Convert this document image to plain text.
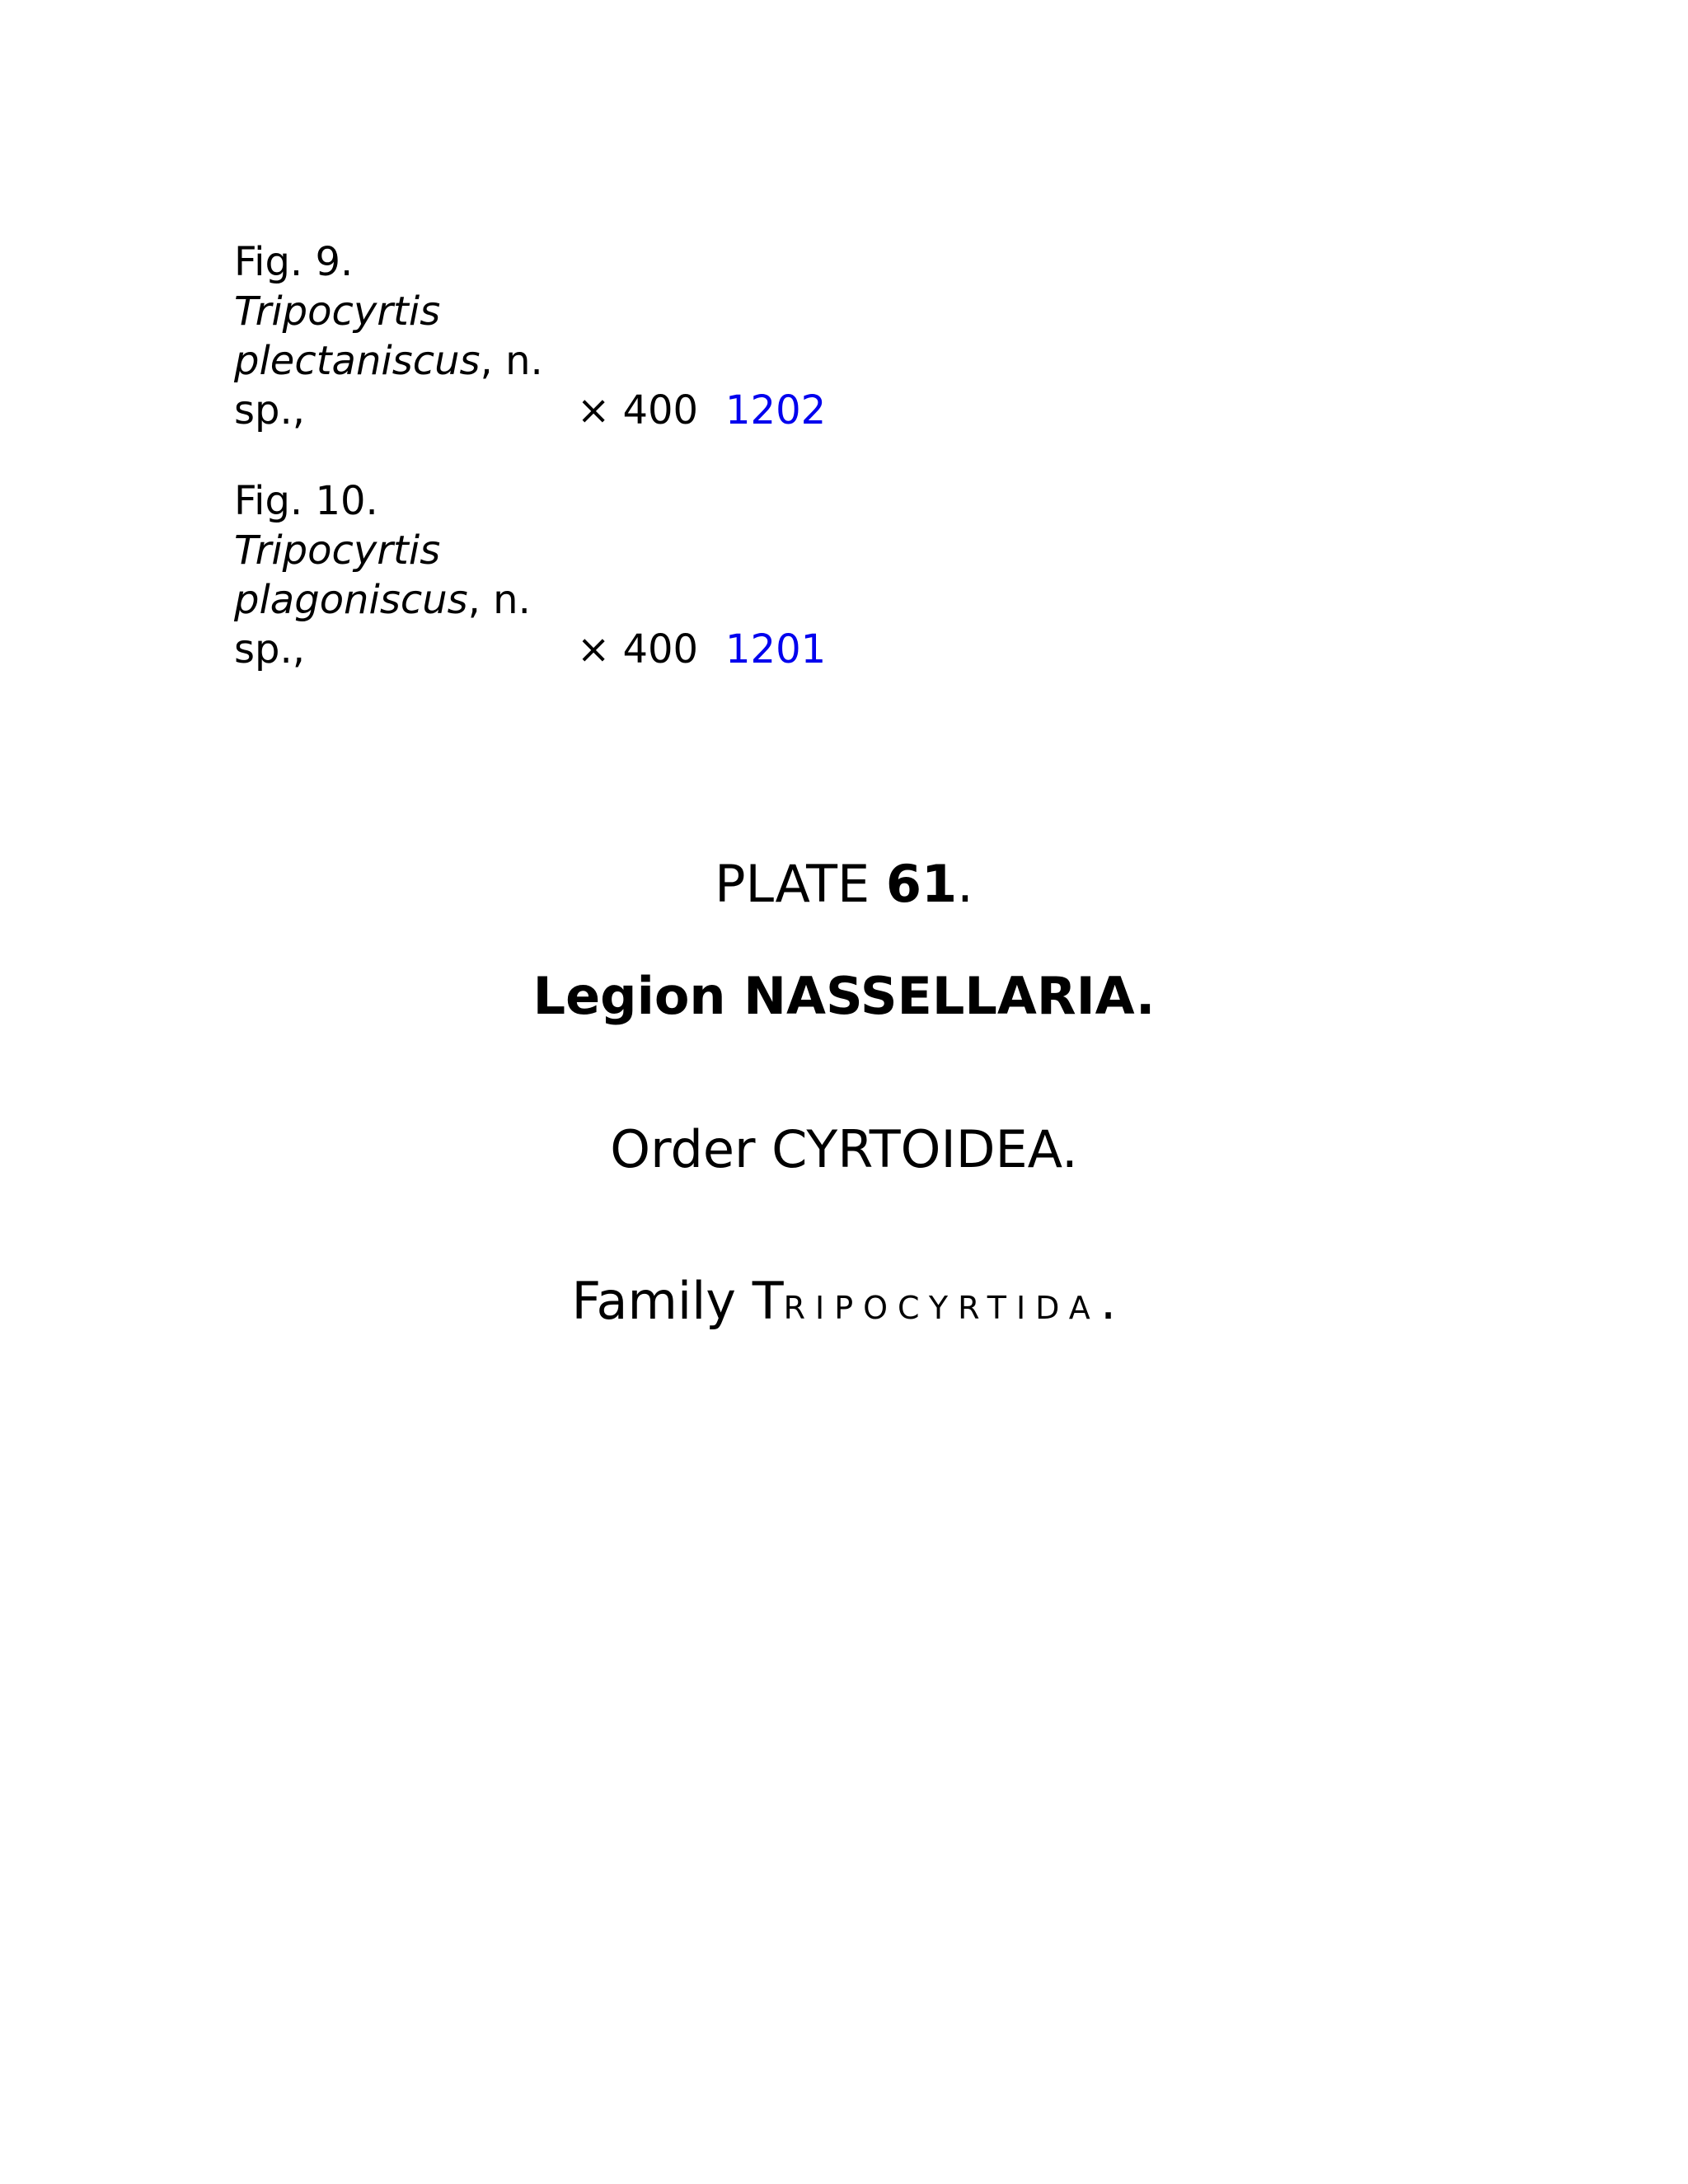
Fig. 9.
Tripocyrtis
plectaniscus, n.
sp.,	× 400 1202
Fig. 10.
Tripocyrtis
plagoniscus, n.
sp.,	× 400 1201
PLATE 61.
Legion NASSELLARIA.
Order CYRTOIDEA.
Family TRIPOCYRTIDA.
